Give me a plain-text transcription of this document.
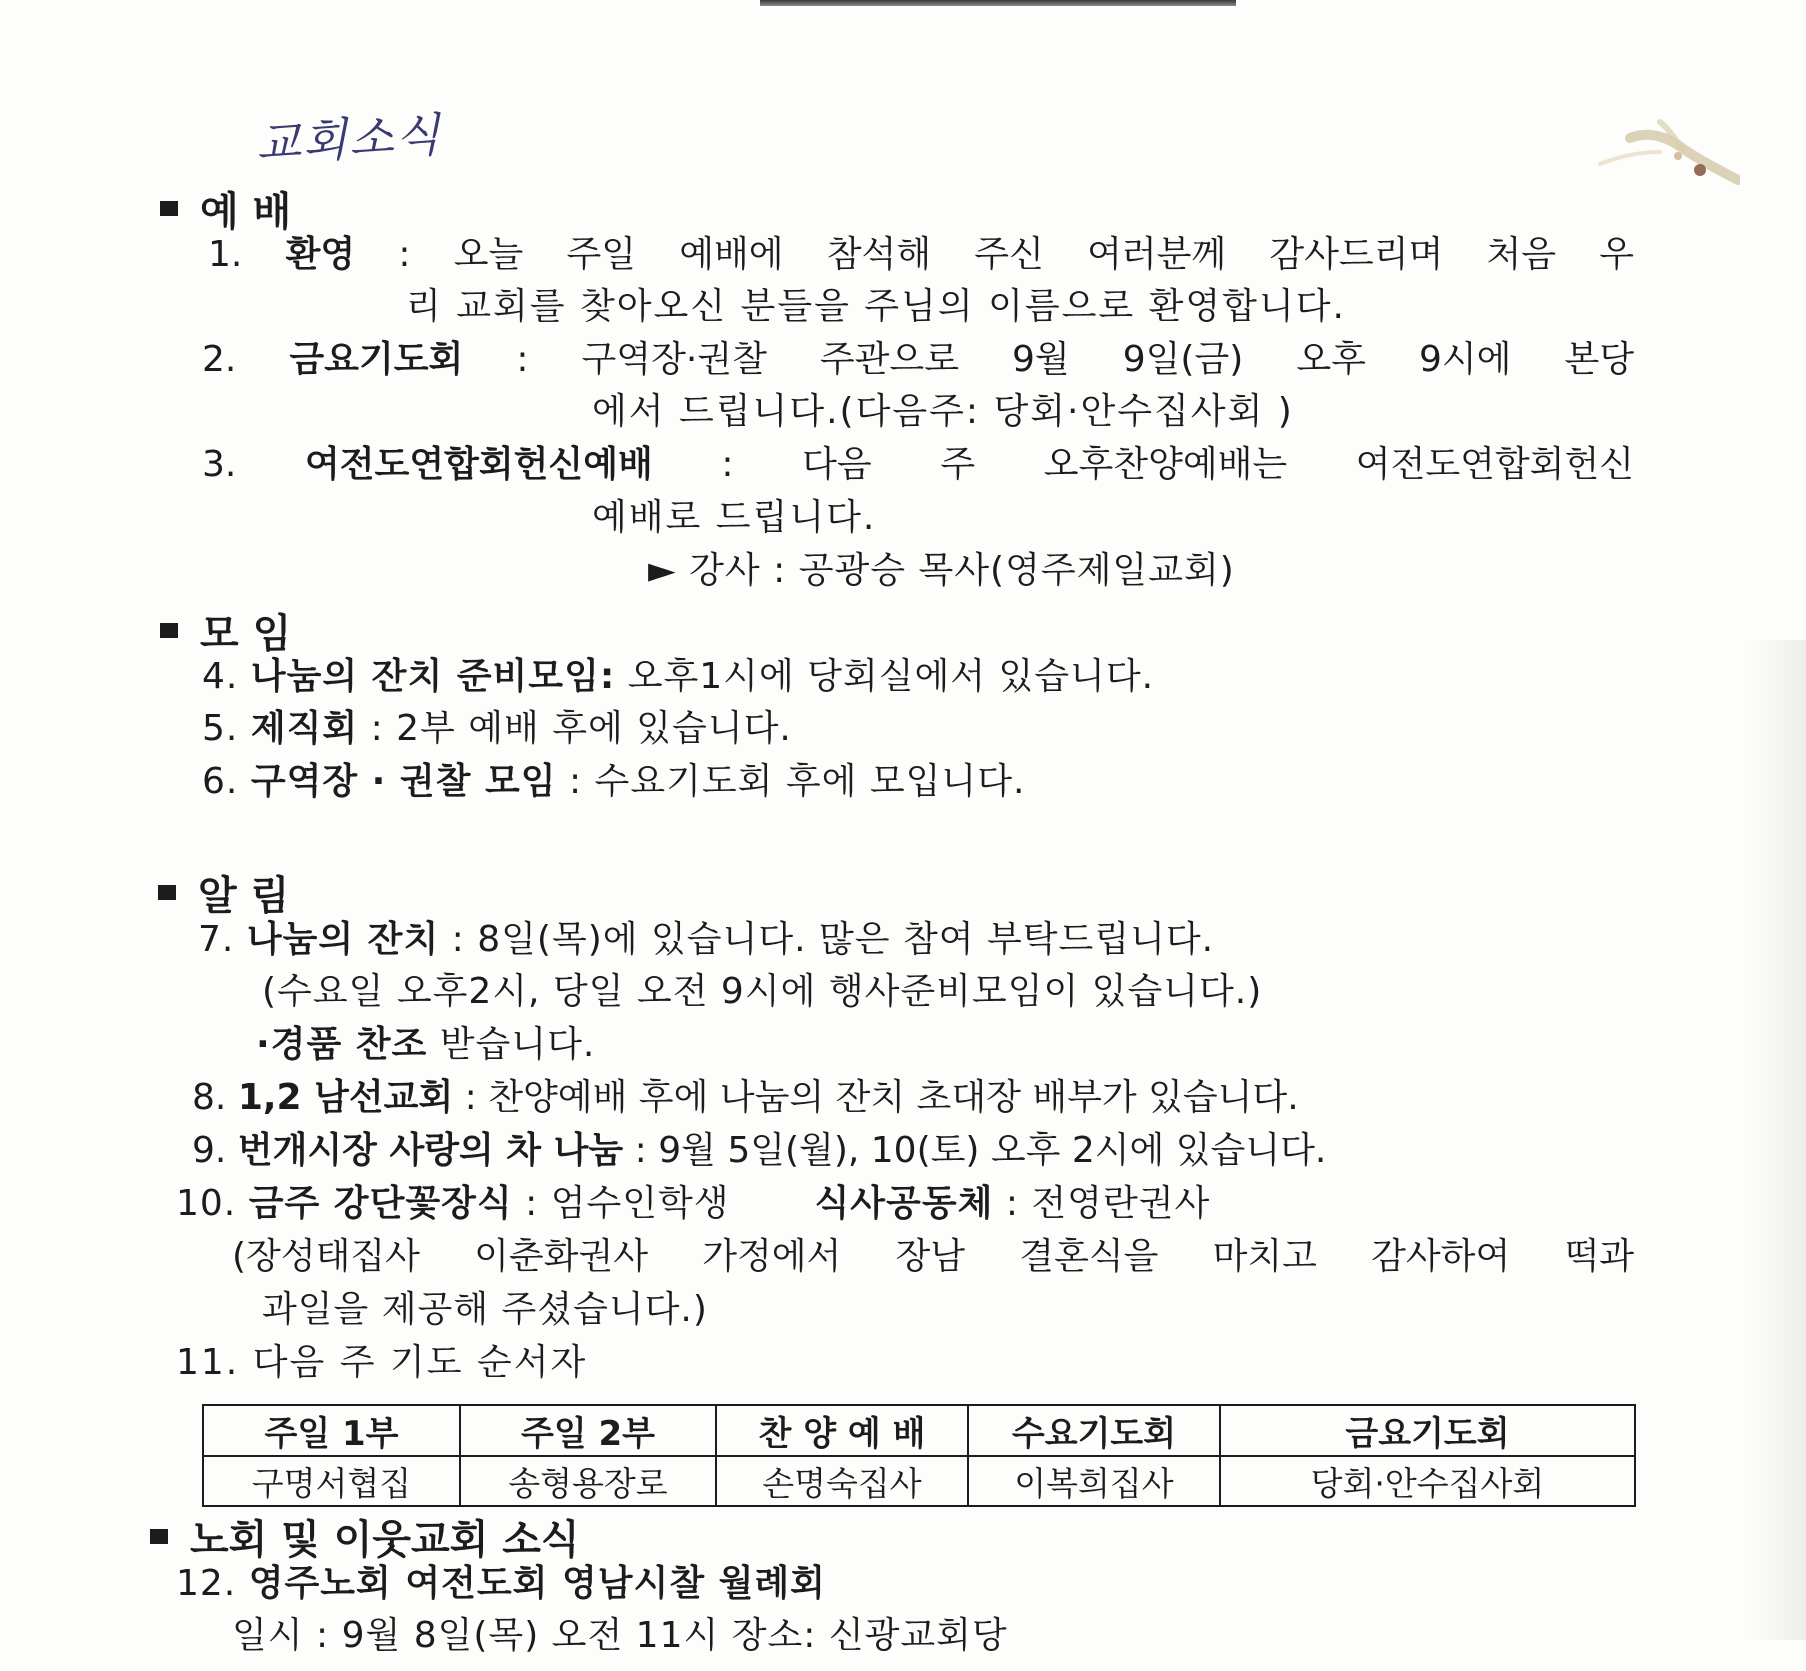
교회소식
예 배
1. 환영 : 오늘 주일 예배에 참석해 주신 여러분께 감사드리며 처음 우
리 교회를 찾아오신 분들을 주님의 이름으로 환영합니다.
2. 금요기도회 : 구역장·권찰 주관으로 9월 9일(금) 오후 9시에 본당
에서 드립니다.(다음주: 당회·안수집사회 )
3. 여전도연합회헌신예배 : 다음 주 오후찬양예배는 여전도연합회헌신
예배로 드립니다.
► 강사 : 공광승 목사(영주제일교회)
모 임
4. 나눔의 잔치 준비모임: 오후1시에 당회실에서 있습니다.
5. 제직회 : 2부 예배 후에 있습니다.
6. 구역장 · 권찰 모임 : 수요기도회 후에 모입니다.
알 림
7. 나눔의 잔치 : 8일(목)에 있습니다. 많은 참여 부탁드립니다.
(수요일 오후2시, 당일 오전 9시에 행사준비모임이 있습니다.)
·경품 찬조 받습니다.
8. 1,2 남선교회 : 찬양예배 후에 나눔의 잔치 초대장 배부가 있습니다.
9. 번개시장 사랑의 차 나눔 : 9월 5일(월), 10(토) 오후 2시에 있습니다.
10. 금주 강단꽃장식 : 엄수인학생 식사공동체 : 전영란권사
(장성태집사 이춘화권사 가정에서 장남 결혼식을 마치고 감사하여 떡과
과일을 제공해 주셨습니다.)
11. 다음 주 기도 순서자
주일 1부	주일 2부	찬 양 예 배	수요기도회	금요기도회
구명서협집	송형용장로	손명숙집사	이복희집사	당회·안수집사회
노회 및 이웃교회 소식
12. 영주노회 여전도회 영남시찰 월례회
일시 : 9월 8일(목) 오전 11시 장소: 신광교회당
